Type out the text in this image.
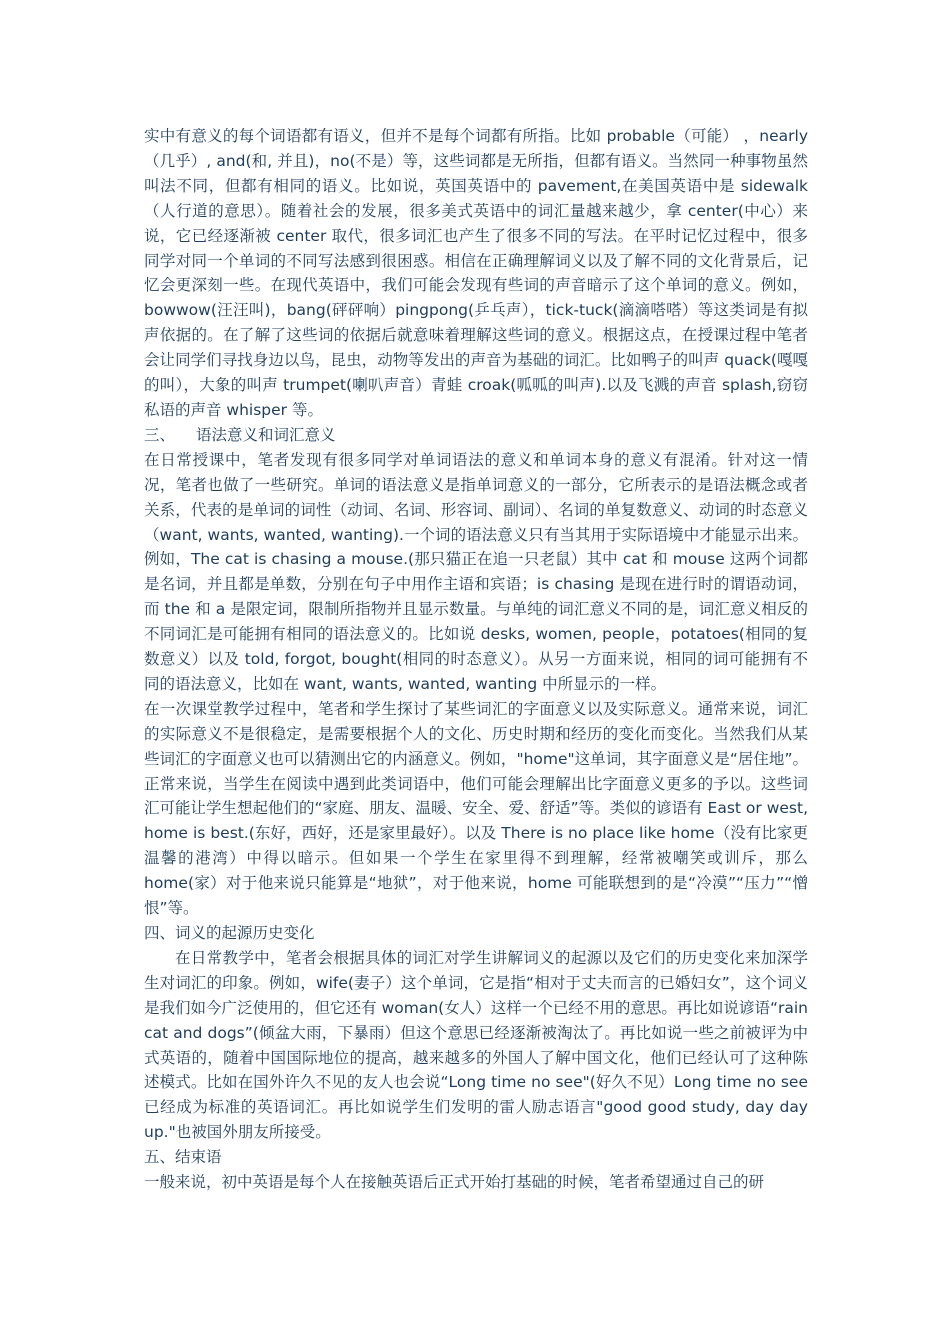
实中有意义的每个词语都有语义，但并不是每个词都有所指。比如 probable（可能） ，nearly（几乎）, and(和, 并且)，no(不是）等，这些词都是无所指，但都有语义。当然同一种事物虽然叫法不同，但都有相同的语义。比如说，英国英语中的 pavement,在美国英语中是 sidewalk（人行道的意思）。随着社会的发展，很多美式英语中的词汇量越来越少，拿 center(中心）来说，它已经逐渐被 center 取代，很多词汇也产生了很多不同的写法。在平时记忆过程中，很多同学对同一个单词的不同写法感到很困惑。相信在正确理解词义以及了解不同的文化背景后，记忆会更深刻一些。在现代英语中，我们可能会发现有些词的声音暗示了这个单词的意义。例如，bowwow(汪汪叫)，bang(砰砰响）pingpong(乒乓声），tick-tuck(滴滴嗒嗒）等这类词是有拟声依据的。在了解了这些词的依据后就意味着理解这些词的意义。根据这点，在授课过程中笔者会让同学们寻找身边以鸟，昆虫，动物等发出的声音为基础的词汇。比如鸭子的叫声 quack(嘎嘎的叫），大象的叫声 trumpet(喇叭声音）青蛙 croak(呱呱的叫声).以及飞溅的声音 splash,窃窃私语的声音 whisper 等。

三、 语法意义和词汇意义

在日常授课中，笔者发现有很多同学对单词语法的意义和单词本身的意义有混淆。针对这一情况，笔者也做了一些研究。单词的语法意义是指单词意义的一部分，它所表示的是语法概念或者关系，代表的是单词的词性（动词、名词、形容词、副词）、名词的单复数意义、动词的时态意义（want, wants, wanted, wanting).一个词的语法意义只有当其用于实际语境中才能显示出来。例如，The cat is chasing a mouse.(那只猫正在追一只老鼠）其中 cat 和 mouse 这两个词都是名词，并且都是单数，分别在句子中用作主语和宾语；is chasing 是现在进行时的谓语动词，而 the 和 a 是限定词，限制所指物并且显示数量。与单纯的词汇意义不同的是，词汇意义相反的不同词汇是可能拥有相同的语法意义的。比如说 desks, women, people，potatoes(相同的复数意义）以及 told, forgot, bought(相同的时态意义）。从另一方面来说，相同的词可能拥有不同的语法意义，比如在 want, wants, wanted, wanting 中所显示的一样。

在一次课堂教学过程中，笔者和学生探讨了某些词汇的字面意义以及实际意义。通常来说，词汇的实际意义不是很稳定，是需要根据个人的文化、历史时期和经历的变化而变化。当然我们从某些词汇的字面意义也可以猜测出它的内涵意义。例如，"home"这单词，其字面意义是“居住地”。正常来说，当学生在阅读中遇到此类词语中，他们可能会理解出比字面意义更多的予以。这些词汇可能让学生想起他们的“家庭、朋友、温暖、安全、爱、舒适”等。类似的谚语有 East or west, home is best.(东好，西好，还是家里最好）。以及 There is no place like home（没有比家更温馨的港湾）中得以暗示。但如果一个学生在家里得不到理解，经常被嘲笑或训斥，那么 home(家）对于他来说只能算是“地狱”，对于他来说，home 可能联想到的是“冷漠”“压力”“憎恨”等。

四、词义的起源历史变化

在日常教学中，笔者会根据具体的词汇对学生讲解词义的起源以及它们的历史变化来加深学生对词汇的印象。例如，wife(妻子）这个单词，它是指“相对于丈夫而言的已婚妇女”，这个词义是我们如今广泛使用的，但它还有 woman(女人）这样一个已经不用的意思。再比如说谚语“rain cat and dogs”(倾盆大雨，下暴雨）但这个意思已经逐渐被淘汰了。再比如说一些之前被评为中式英语的，随着中国国际地位的提高，越来越多的外国人了解中国文化，他们已经认可了这种陈述模式。比如在国外许久不见的友人也会说“Long time no see"(好久不见）Long time no see 已经成为标准的英语词汇。再比如说学生们发明的雷人励志语言"good good study, day day up."也被国外朋友所接受。

五、结束语

一般来说，初中英语是每个人在接触英语后正式开始打基础的时候，笔者希望通过自己的研
